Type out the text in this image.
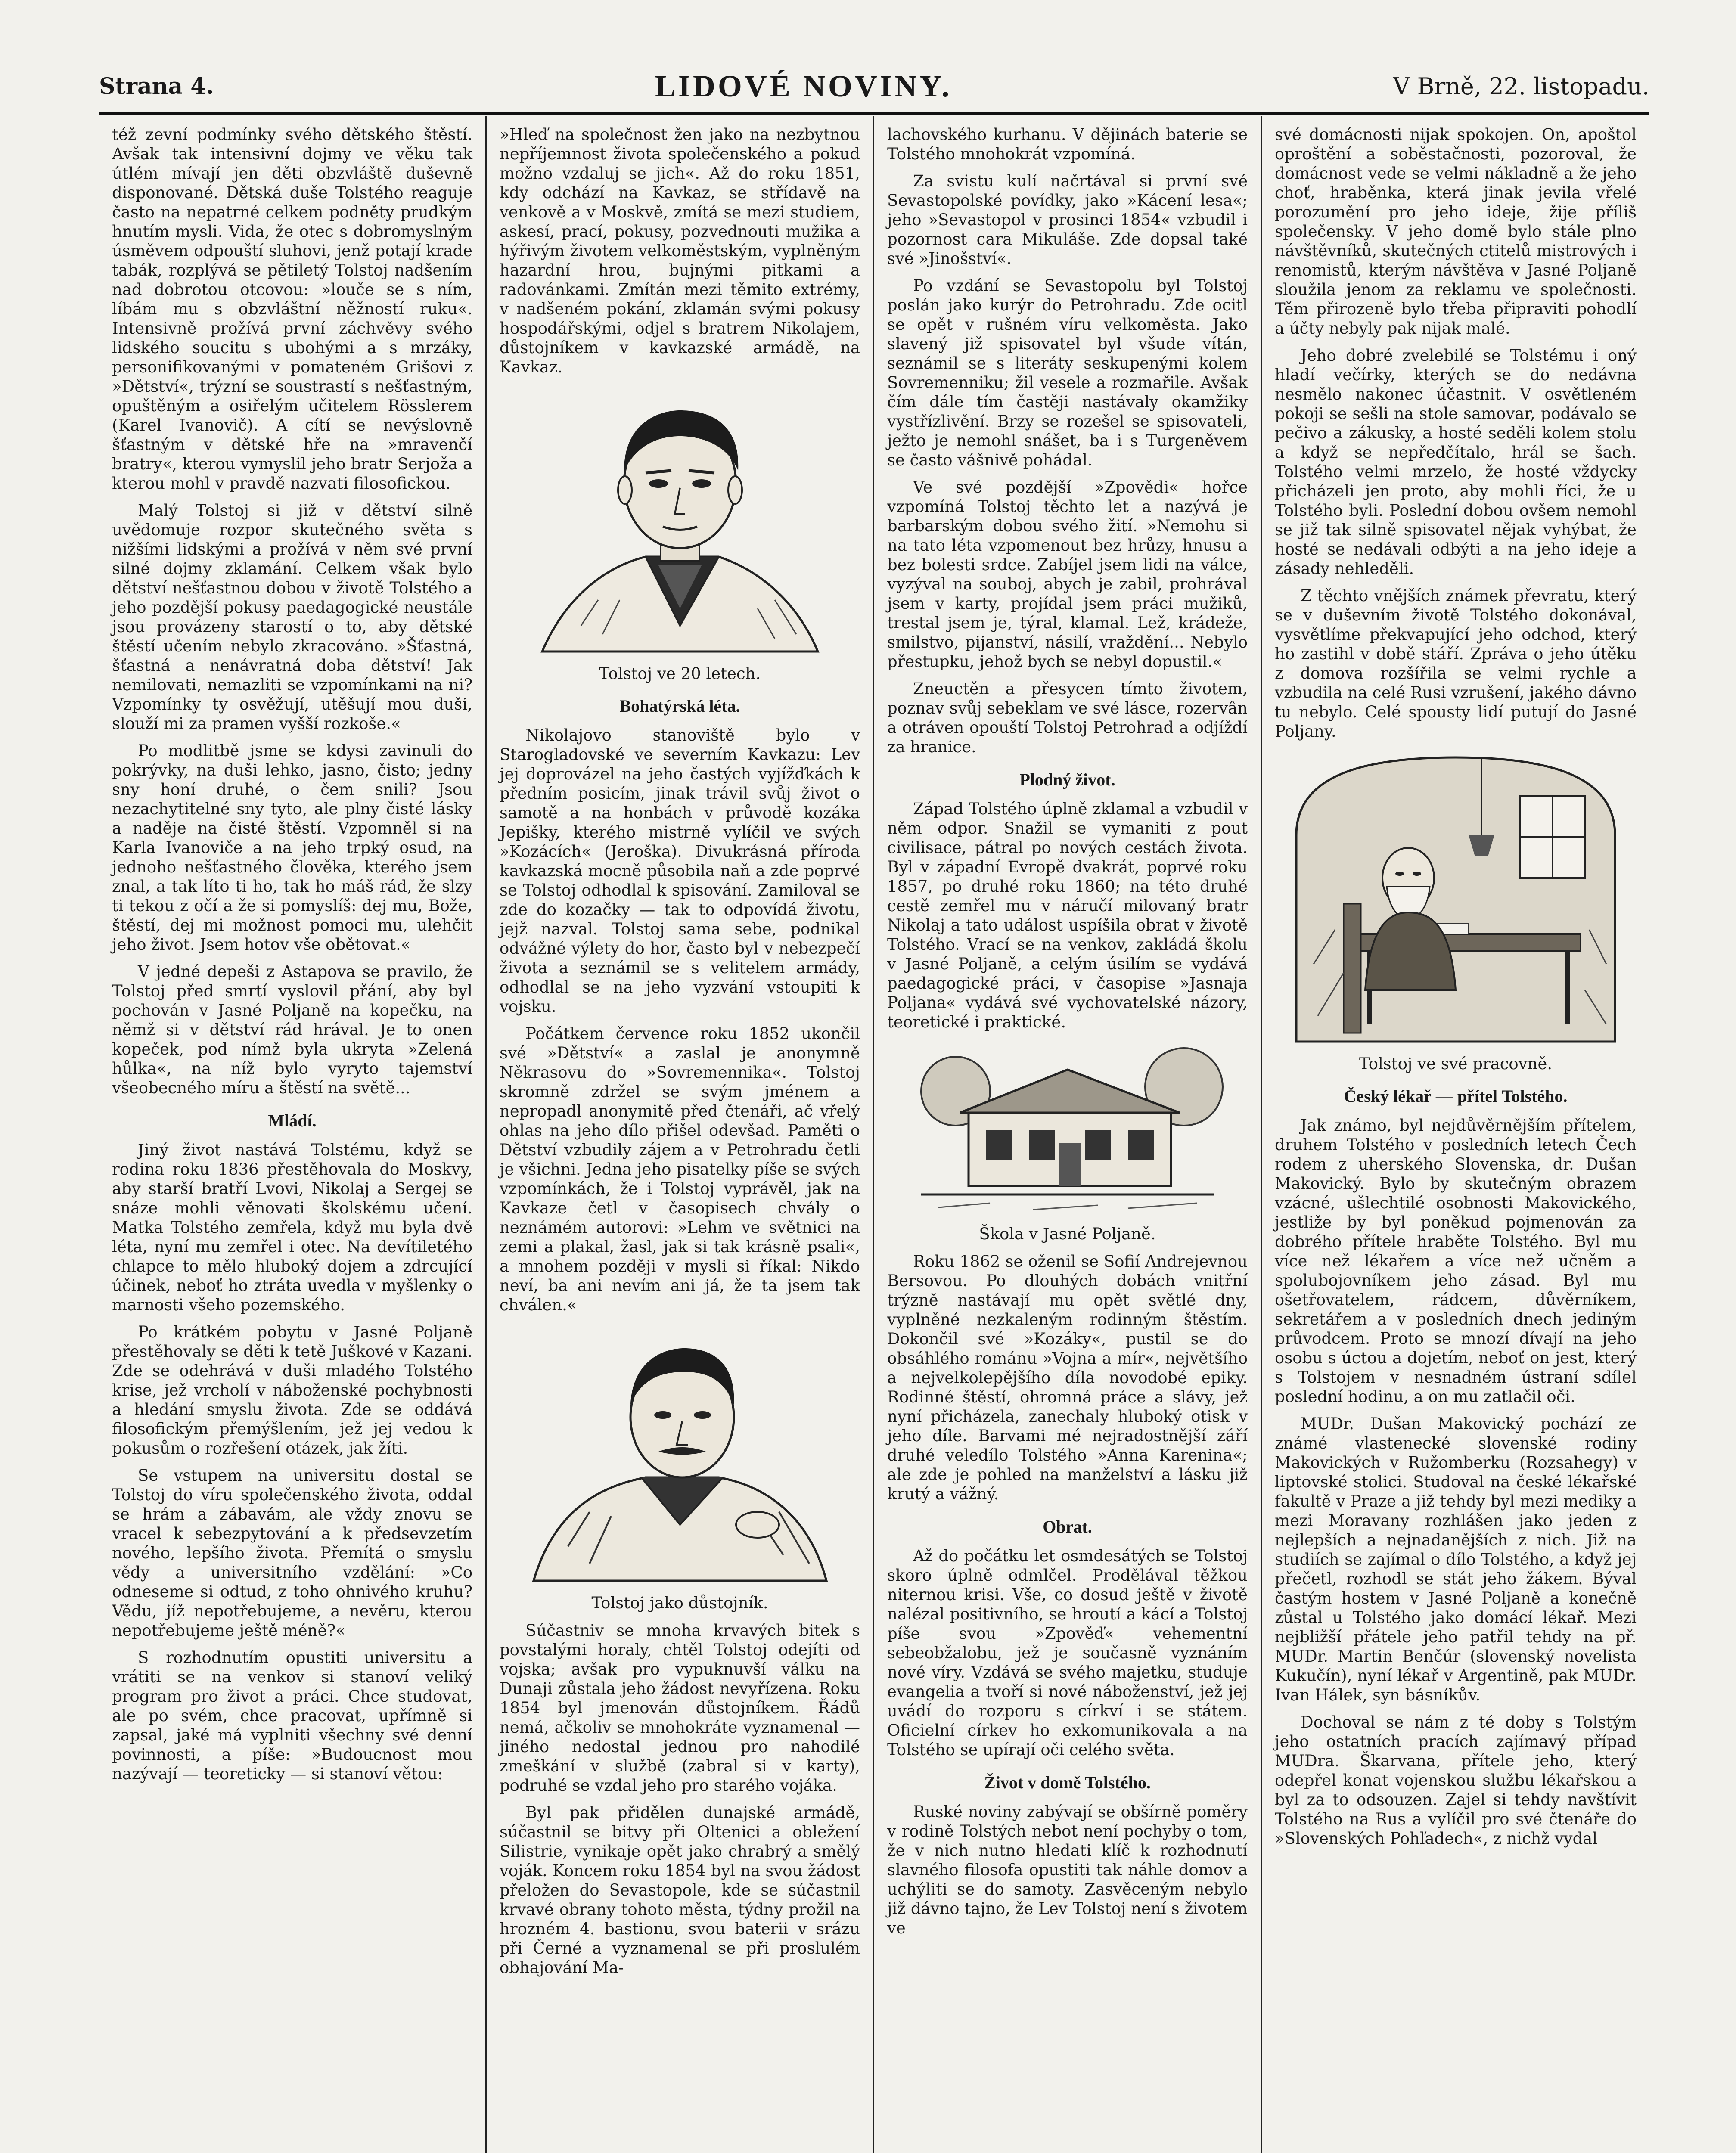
Strana 4.	LIDOVÉ NOVINY.	V Brně, 22. listopadu.

též zevní podmínky svého dětského štěstí. Avšak tak intensivní dojmy ve věku tak útlém mívají jen děti obzvláště duševně disponované. Dětská duše Tolstého reaguje často na nepatrné celkem podněty prudkým hnutím mysli. Vida, že otec s dobromyslným úsměvem odpouští sluhovi, jenž potají krade tabák, rozplývá se pětiletý Tolstoj nadšením nad dobrotou otcovou: »louče se s ním, líbám mu s obzvláštní něžností ruku«. Intensivně prožívá první záchvěvy svého lidského soucitu s ubohými a s mrzáky, personifikovanými v pomateném Grišovi z »Dětství«, trýzní se soustrastí s nešťastným, opuštěným a osiřelým učitelem Rösslerem (Karel Ivanovič). A cítí se nevýslovně šťastným v dětské hře na »mravenčí bratry«, kterou vymyslil jeho bratr Serjoža a kterou mohl v pravdě nazvati filosofickou.

Malý Tolstoj si již v dětství silně uvědomuje rozpor skutečného světa s nižšími lidskými a prožívá v něm své první silné dojmy zklamání. Celkem však bylo dětství nešťastnou dobou v životě Tolstého a jeho pozdější pokusy paedagogické neustále jsou provázeny starostí o to, aby dětské štěstí učením nebylo zkracováno. »Šťastná, šťastná a nenávratná doba dětství! Jak nemilovati, nemazliti se vzpomínkami na ni? Vzpomínky ty osvěžují, utěšují mou duši, slouží mi za pramen vyšší rozkoše.«

Po modlitbě jsme se kdysi zavinuli do pokrývky, na duši lehko, jasno, čisto; jedny sny honí druhé, o čem snili? Jsou nezachytitelné sny tyto, ale plny čisté lásky a naděje na čisté štěstí. Vzpomněl si na Karla Ivanoviče a na jeho trpký osud, na jednoho nešťastného člověka, kterého jsem znal, a tak líto ti ho, tak ho máš rád, že slzy ti tekou z očí a že si pomyslíš: dej mu, Bože, štěstí, dej mi možnost pomoci mu, ulehčit jeho život. Jsem hotov vše obětovat.«

V jedné depeši z Astapova se pravilo, že Tolstoj před smrtí vyslovil přání, aby byl pochován v Jasné Poljaně na kopečku, na němž si v dětství rád hrával. Je to onen kopeček, pod nímž byla ukryta »Zelená hůlka«, na níž bylo vyryto tajemství všeobecného míru a štěstí na světě...

Mládí.

Jiný život nastává Tolstému, když se rodina roku 1836 přestěhovala do Moskvy, aby starší bratří Lvovi, Nikolaj a Sergej se snáze mohli věnovati školskému učení. Matka Tolstého zemřela, když mu byla dvě léta, nyní mu zemřel i otec. Na devítiletého chlapce to mělo hluboký dojem a zdrcující účinek, neboť ho ztráta uvedla v myšlenky o marnosti všeho pozemského.

Po krátkém pobytu v Jasné Poljaně přestěhovaly se děti k tetě Juškové v Kazani. Zde se odehrává v duši mladého Tolstého krise, jež vrcholí v náboženské pochybnosti a hledání smyslu života. Zde se oddává filosofickým přemýšlením, jež jej vedou k pokusům o rozřešení otázek, jak žíti.

Se vstupem na universitu dostal se Tolstoj do víru společenského života, oddal se hrám a zábavám, ale vždy znovu se vracel k sebezpytování a k předsevzetím nového, lepšího života. Přemítá o smyslu vědy a universitního vzdělání: »Co odneseme si odtud, z toho ohnivého kruhu? Vědu, jíž nepotřebujeme, a nevěru, kterou nepotřebujeme ještě méně?«

S rozhodnutím opustiti universitu a vrátiti se na venkov si stanoví veliký program pro život a práci. Chce studovat, ale po svém, chce pracovat, upřímně si zapsal, jaké má vyplniti všechny své denní povinnosti, a píše: »Budoucnost mou nazývají — teoreticky — si stanoví větou:

»Hleď na společnost žen jako na nezbytnou nepříjemnost života společenského a pokud možno vzdaluj se jich«. Až do roku 1851, kdy odchází na Kavkaz, se střídavě na venkově a v Moskvě, zmítá se mezi studiem, askesí, prací, pokusy, pozvednouti mužika a hýřivým životem velkoměstským, vyplněným hazardní hrou, bujnými pitkami a radovánkami. Zmítán mezi těmito extrémy, v nadšeném pokání, zklamán svými pokusy hospodářskými, odjel s bratrem Nikolajem, důstojníkem v kavkazské armádě, na Kavkaz.

Tolstoj ve 20 letech.
Bohatýrská léta.

Nikolajovo stanoviště bylo v Starogladovské ve severním Kavkazu: Lev jej doprovázel na jeho častých vyjížďkách k předním posicím, jinak trávil svůj život o samotě a na honbách v průvodě kozáka Jepišky, kterého mistrně vylíčil ve svých »Kozácích« (Jeroška). Divukrásná příroda kavkazská mocně působila naň a zde poprvé se Tolstoj odhodlal k spisování. Zamiloval se zde do kozačky — tak to odpovídá životu, jejž nazval. Tolstoj sama sebe, podnikal odvážné výlety do hor, často byl v nebezpečí života a seznámil se s velitelem armády, odhodlal se na jeho vyzvání vstoupiti k vojsku.

Počátkem července roku 1852 ukončil své »Dětství« a zaslal je anonymně Někrasovu do »Sovremennika«. Tolstoj skromně zdržel se svým jménem a nepropadl anonymitě před čtenáři, ač vřelý ohlas na jeho dílo přišel odevšad. Paměti o Dětství vzbudily zájem a v Petrohradu četli je všichni. Jedna jeho pisatelky píše se svých vzpomínkách, že i Tolstoj vyprávěl, jak na Kavkaze četl v časopisech chvály o neznámém autorovi: »Lehm ve světnici na zemi a plakal, žasl, jak si tak krásně psali«, a mnohem později v mysli si říkal: Nikdo neví, ba ani nevím ani já, že ta jsem tak chválen.«

Tolstoj jako důstojník.

Súčastniv se mnoha krvavých bitek s povstalými horaly, chtěl Tolstoj odejíti od vojska; avšak pro vypuknuvší válku na Dunaji zůstala jeho žádost nevyřízena. Roku 1854 byl jmenován důstojníkem. Řádů nemá, ačkoliv se mnohokráte vyznamenal — jiného nedostal jednou pro nahodilé zmeškání v službě (zabral si v karty), podruhé se vzdal jeho pro starého vojáka.

Byl pak přidělen dunajské armádě, súčastnil se bitvy při Oltenici a obležení Silistrie, vynikaje opět jako chrabrý a smělý voják. Koncem roku 1854 byl na svou žádost přeložen do Sevastopole, kde se súčastnil krvavé obrany tohoto města, týdny prožil na hrozném 4. bastionu, svou baterii v srázu při Černé a vyznamenal se při proslulém obhajování Ma-

lachovského kurhanu. V dějinách baterie se Tolstého mnohokrát vzpomíná.

Za svistu kulí načrtával si první své Sevastopolské povídky, jako »Kácení lesa«; jeho »Sevastopol v prosinci 1854« vzbudil i pozornost cara Mikuláše. Zde dopsal také své »Jinošství«.

Po vzdání se Sevastopolu byl Tolstoj poslán jako kurýr do Petrohradu. Zde ocitl se opět v rušném víru velkoměsta. Jako slavený již spisovatel byl všude vítán, seznámil se s literáty seskupenými kolem Sovremenniku; žil vesele a rozmařile. Avšak čím dále tím častěji nastávaly okamžiky vystřízlivění. Brzy se rozešel se spisovateli, ježto je nemohl snášet, ba i s Turgeněvem se často vášnivě pohádal.

Ve své pozdější »Zpovědi« hořce vzpomíná Tolstoj těchto let a nazývá je barbarským dobou svého žití. »Nemohu si na tato léta vzpomenout bez hrůzy, hnusu a bez bolesti srdce. Zabíjel jsem lidi na válce, vyzýval na souboj, abych je zabil, prohrával jsem v karty, projídal jsem práci mužiků, trestal jsem je, týral, klamal. Lež, krádeže, smilstvo, pijanství, násilí, vraždění... Nebylo přestupku, jehož bych se nebyl dopustil.«

Zneuctěn a přesycen tímto životem, poznav svůj sebeklam ve své lásce, rozervân a otráven opouští Tolstoj Petrohrad a odjíždí za hranice.

Plodný život.

Západ Tolstého úplně zklamal a vzbudil v něm odpor. Snažil se vymaniti z pout civilisace, pátral po nových cestách života. Byl v západní Evropě dvakrát, poprvé roku 1857, po druhé roku 1860; na této druhé cestě zemřel mu v náručí milovaný bratr Nikolaj a tato událost uspíšila obrat v životě Tolstého. Vrací se na venkov, zakládá školu v Jasné Poljaně, a celým úsilím se vydává paedagogické práci, v časopise »Jasnaja Poljana« vydává své vychovatelské názory, teoretické i praktické.

Škola v Jasné Poljaně.

Roku 1862 se oženil se Sofií Andrejevnou Bersovou. Po dlouhých dobách vnitřní trýzně nastávají mu opět světlé dny, vyplněné nezkaleným rodinným štěstím. Dokončil své »Kozáky«, pustil se do obsáhlého románu »Vojna a mír«, největšího a nejvelkolepějšího díla novodobé epiky. Rodinné štěstí, ohromná práce a slávy, jež nyní přicházela, zanechaly hluboký otisk v jeho díle. Barvami mé nejradostnější září druhé veledílo Tolstého »Anna Karenina«; ale zde je pohled na manželství a lásku již krutý a vážný.

Obrat.

Až do počátku let osmdesátých se Tolstoj skoro úplně odmlčel. Prodělával těžkou niternou krisi. Vše, co dosud ještě v životě nalézal positivního, se hroutí a kácí a Tolstoj píše svou »Zpověď« vehementní sebeobžalobu, jež je současně vyznáním nové víry. Vzdává se svého majetku, studuje evangelia a tvoří si nové náboženství, jež jej uvádí do rozporu s církví i se státem. Oficielní církev ho exkomunikovala a na Tolstého se upírají oči celého světa.

Život v domě Tolstého.

Ruské noviny zabývají se obšírně poměry v rodině Tolstých nebot není pochyby o tom, že v nich nutno hledati klíč k rozhodnutí slavného filosofa opustiti tak náhle domov a uchýliti se do samoty. Zasvěceným nebylo již dávno tajno, že Lev Tolstoj není s životem ve

své domácnosti nijak spokojen. On, apoštol oproštění a soběstačnosti, pozoroval, že domácnost vede se velmi nákladně a že jeho choť, hraběnka, která jinak jevila vřelé porozumění pro jeho ideje, žije příliš společensky. V jeho domě bylo stále plno návštěvníků, skutečných ctitelů mistrových i renomistů, kterým návštěva v Jasné Poljaně sloužila jenom za reklamu ve společnosti. Těm přirozeně bylo třeba připraviti pohodlí a účty nebyly pak nijak malé.

Jeho dobré zvelebilé se Tolstému i oný hladí večírky, kterých se do nedávna nesmělo nakonec účastnit. V osvětleném pokoji se sešli na stole samovar, podávalo se pečivo a zákusky, a hosté seděli kolem stolu a když se nepředčítalo, hrál se šach. Tolstého velmi mrzelo, že hosté vždycky přicházeli jen proto, aby mohli říci, že u Tolstého byli. Poslední dobou ovšem nemohl se již tak silně spisovatel nějak vyhýbat, že hosté se nedávali odbýti a na jeho ideje a zásady nehleděli.

Z těchto vnějších známek převratu, který se v duševním životě Tolstého dokonával, vysvětlíme překvapující jeho odchod, který ho zastihl v době stáří. Zpráva o jeho útěku z domova rozšířila se velmi rychle a vzbudila na celé Rusi vzrušení, jakého dávno tu nebylo. Celé spousty lidí putují do Jasné Poljany.

Tolstoj ve své pracovně.
Český lékař — přítel Tolstého.

Jak známo, byl nejdůvěrnějším přítelem, druhem Tolstého v posledních letech Čech rodem z uherského Slovenska, dr. Dušan Makovický. Bylo by skutečným obrazem vzácné, ušlechtilé osobnosti Makovického, jestliže by byl poněkud pojmenován za dobrého přítele hraběte Tolstého. Byl mu více než lékařem a více než učněm a spolubojovníkem jeho zásad. Byl mu ošetřovatelem, rádcem, důvěrníkem, sekretářem a v posledních dnech jediným průvodcem. Proto se mnozí dívají na jeho osobu s úctou a dojetím, neboť on jest, který s Tolstojem v nesnadném ústraní sdílel poslední hodinu, a on mu zatlačil oči.

MUDr. Dušan Makovický pochází ze známé vlastenecké slovenské rodiny Makovických v Ružomberku (Rozsahegy) v liptovské stolici. Studoval na české lékařské fakultě v Praze a již tehdy byl mezi mediky a mezi Moravany rozhlášen jako jeden z nejlepších a nejnadanějších z nich. Již na studiích se zajímal o dílo Tolstého, a když jej přečetl, rozhodl se stát jeho žákem. Býval častým hostem v Jasné Poljaně a konečně zůstal u Tolstého jako domácí lékař. Mezi nejbližší přátele jeho patřil tehdy na př. MUDr. Martin Benčúr (slovenský novelista Kukučín), nyní lékař v Argentině, pak MUDr. Ivan Hálek, syn básníkův.

Dochoval se nám z té doby s Tolstým jeho ostatních pracích zajímavý případ MUDra. Škarvana, přítele jeho, který odepřel konat vojenskou službu lékařskou a byl za to odsouzen. Zajel si tehdy navštívit Tolstého na Rus a vylíčil pro své čtenáře do »Slovenských Pohľadech«, z nichž vydal
